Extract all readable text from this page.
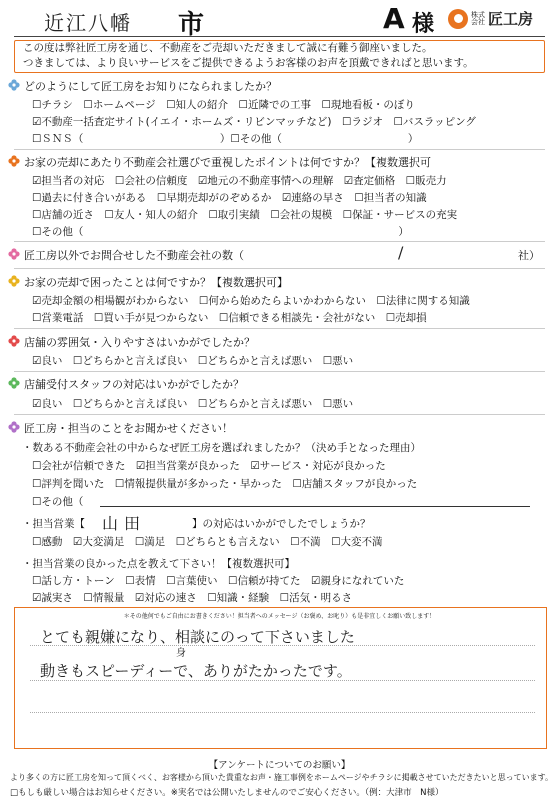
近江八幡 市	A 様	株式会社 匠工房
この度は弊社匠工房を通じ、不動産をご売却いただきまして誠に有難う御座いました。
つきましては、より良いサービスをご提供できるようお客様のお声を頂戴できればと思います。
どのようにして匠工房をお知りになられましたか？
☐チラシ　☐ホームページ　☐知人の紹介　☐近隣での工事　☐現地看板・のぼり
☑不動産一括査定サイト(イエイ・ホームズ・リビンマッチなど)　☐ラジオ　☐バスラッピング
☐ＳＮＳ（　　　　　　　　　　　　　）☐その他（　　　　　　　　　　　　）
お家の売却にあたり不動産会社選びで重視したポイントは何ですか？【複数選択可
☑担当者の対応　☐会社の信頼度　☑地元の不動産事情への理解　☑査定価格　☐販売力
☐過去に付き合いがある　☐早期売却がのぞめるか　☑連絡の早さ　☐担当者の知識
☐店舗の近さ　☐友人・知人の紹介　☐取引実績　☐会社の規模　☐保証・サービスの充実
☐その他（　　　　　　　　　　　　　　　　　　　　　　　　　　　　　　）
匠工房以外でお問合せした不動産会社の数（	/	社）
お家の売却で困ったことは何ですか？【複数選択可】
☑売却金額の相場観がわからない　☐何から始めたらよいかわからない　☐法律に関する知識
☐営業電話　☐買い手が見つからない　☐信頼できる相談先・会社がない　☐売却損
店舗の雰囲気・入りやすさはいかがでしたか？
☑良い　☐どちらかと言えば良い　☐どちらかと言えば悪い　☐悪い
店舗受付スタッフの対応はいかがでしたか？
☑良い　☐どちらかと言えば良い　☐どちらかと言えば悪い　☐悪い
匠工房・担当のことをお聞かせください！
・数ある不動産会社の中からなぜ匠工房を選ばれましたか？（決め手となった理由）
☐会社が信頼できた　☑担当営業が良かった　☑サービス・対応が良かった
☐評判を聞いた　☐情報提供量が多かった・早かった　☐店舗スタッフが良かった
☐その他（
・担当営業【 山田	】の対応はいかがでしたでしょうか？
☐感動　☑大変満足　☐満足　☐どちらとも言えない　☐不満　☐大変不満
・担当営業の良かった点を教えて下さい！【複数選択可】
☐話し方・トーン　☐表情　☐言葉使い　☐信頼が持てた　☑親身になれていた
☑誠実さ　☐情報量　☑対応の速さ　☐知識・経験　☐活気・明るさ
＊その他何でもご自由にお書きください！担当者へのメッセージ（お褒め、お叱り）も是非宜しくお願い致します！
とても親嫌になり、相談にのって下さいました
身
動きもスピーディーで、ありがたかったです。
【アンケートについてのお願い】
より多くの方に匠工房を知って頂くべく、お客様から頂いた貴重なお声・施工事例をホームページやチラシに掲載させていただきたいと思っています。
□もしも厳しい場合はお知らせください。※実名では公開いたしませんのでご安心ください。（例：大津市　N様）
